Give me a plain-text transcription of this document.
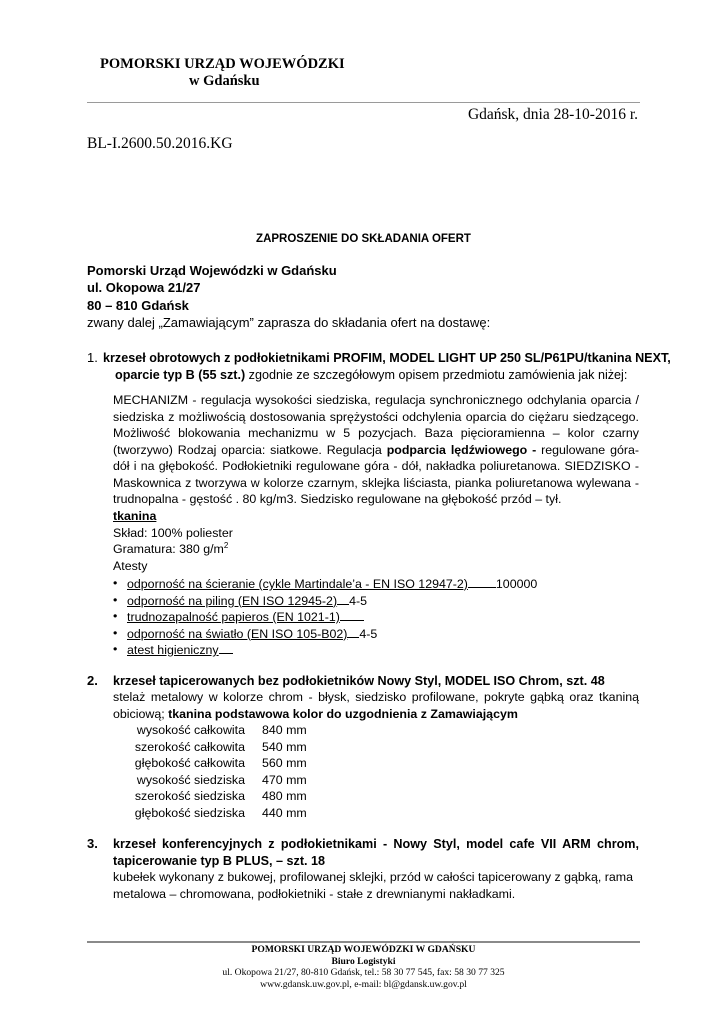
POMORSKI URZĄD WOJEWÓDZKI
w Gdańsku
Gdańsk, dnia 28-10-2016 r.
BL-I.2600.50.2016.KG
ZAPROSZENIE DO SKŁADANIA OFERT
Pomorski Urząd Wojewódzki w Gdańsku
ul. Okopowa 21/27
80 – 810 Gdańsk
zwany dalej „Zamawiającym” zaprasza do składania ofert na dostawę:
1. krzeseł obrotowych z podłokietnikami PROFIM, MODEL LIGHT UP 250 SL/P61PU/tkanina NEXT,
oparcie typ B (55 szt.) zgodnie ze szczegółowym opisem przedmiotu zamówienia jak niżej:
MECHANIZM - regulacja wysokości siedziska, regulacja synchronicznego odchylania oparcia / siedziska z możliwością dostosowania sprężystości odchylenia oparcia do ciężaru siedzącego. Możliwość blokowania mechanizmu w 5 pozycjach. Baza pięcioramienna – kolor czarny (tworzywo) Rodzaj oparcia: siatkowe. Regulacja podparcia lędźwiowego - regulowane góra-dół i na głębokość. Podłokietniki regulowane góra - dół, nakładka poliuretanowa. SIEDZISKO - Maskownica z tworzywa w kolorze czarnym, sklejka liściasta, pianka poliuretanowa wylewana - trudnopalna - gęstość . 80 kg/m3. Siedzisko regulowane na głębokość przód – tył.
tkanina
Skład: 100% poliester
Gramatura: 380 $g/m^2$
Atesty
• odporność na ścieranie (cykle Martindale’a - EN ISO 12947-2) 100000
• odporność na piling (EN ISO 12945-2) 4-5
• trudnozapalność papieros (EN 1021-1)
• odporność na światło (EN ISO 105-B02) 4-5
• atest higieniczny
2. krzeseł tapicerowanych bez podłokietników Nowy Styl, MODEL ISO Chrom, szt. 48
stelaż metalowy w kolorze chrom - błysk, siedzisko profilowane, pokryte gąbką oraz tkaniną obiciową; tkanina podstawowa kolor do uzgodnienia z Zamawiającym
wysokość całkowita	840 mm
szerokość całkowita	540 mm
głębokość całkowita	560 mm
wysokość siedziska	470 mm
szerokość siedziska	480 mm
głębokość siedziska	440 mm
3. krzeseł konferencyjnych z podłokietnikami - Nowy Styl, model cafe VII ARM chrom,
tapicerowanie typ B PLUS, – szt. 18
kubełek wykonany z bukowej, profilowanej sklejki, przód w całości tapicerowany z gąbką, rama
metalowa – chromowana, podłokietniki - stałe z drewnianymi nakładkami.
POMORSKI URZĄD WOJEWÓDZKI W GDAŃSKU
Biuro Logistyki
ul. Okopowa 21/27, 80-810 Gdańsk, tel.: 58 30 77 545, fax: 58 30 77 325
www.gdansk.uw.gov.pl, e-mail: bl@gdansk.uw.gov.pl
